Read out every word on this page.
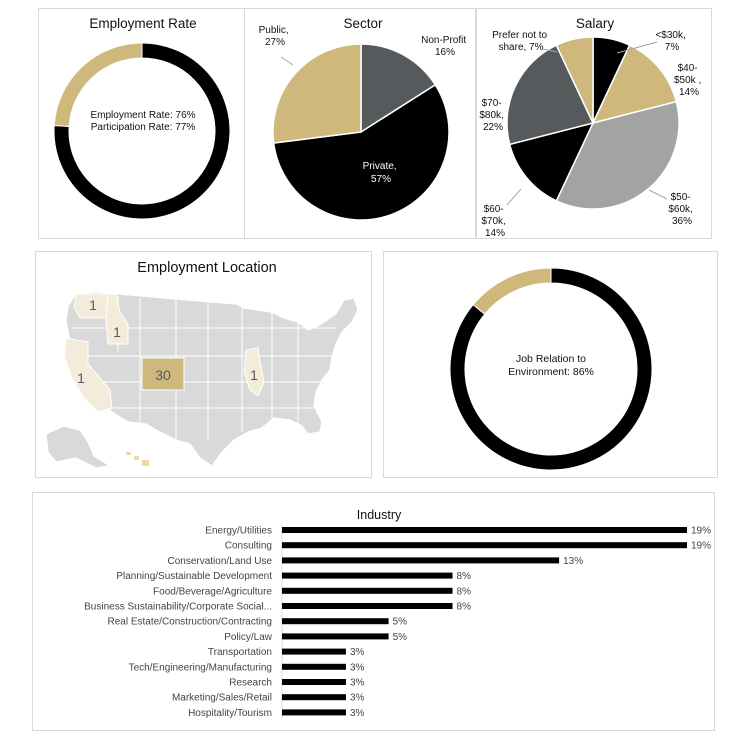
Employment Rate
Employment Rate: 76%
Participation Rate: 77%
Sector
Public, 27%	Non-Profit 16%
Private, 57%
Salary
Prefer not to share, 7%
<$30k, 7%
$40- $50k , 14%
$70- $80k, 22%
$60- $70k, 14%
$50- $60k, 36%
Employment Location
1
1
1	30	1
Job Relation to
Environment: 86%
Industry
Energy/Utilities	19%
Consulting	19%
Conservation/Land Use	13%
Planning/Sustainable Development	8%
Food/Beverage/Agriculture	8%
Business Sustainability/Corporate Social...	8%
Real Estate/Construction/Contracting	5%
Policy/Law	5%
Transportation	3%
Tech/Engineering/Manufacturing	3%
Research	3%
Marketing/Sales/Retail	3%
Hospitality/Tourism	3%
